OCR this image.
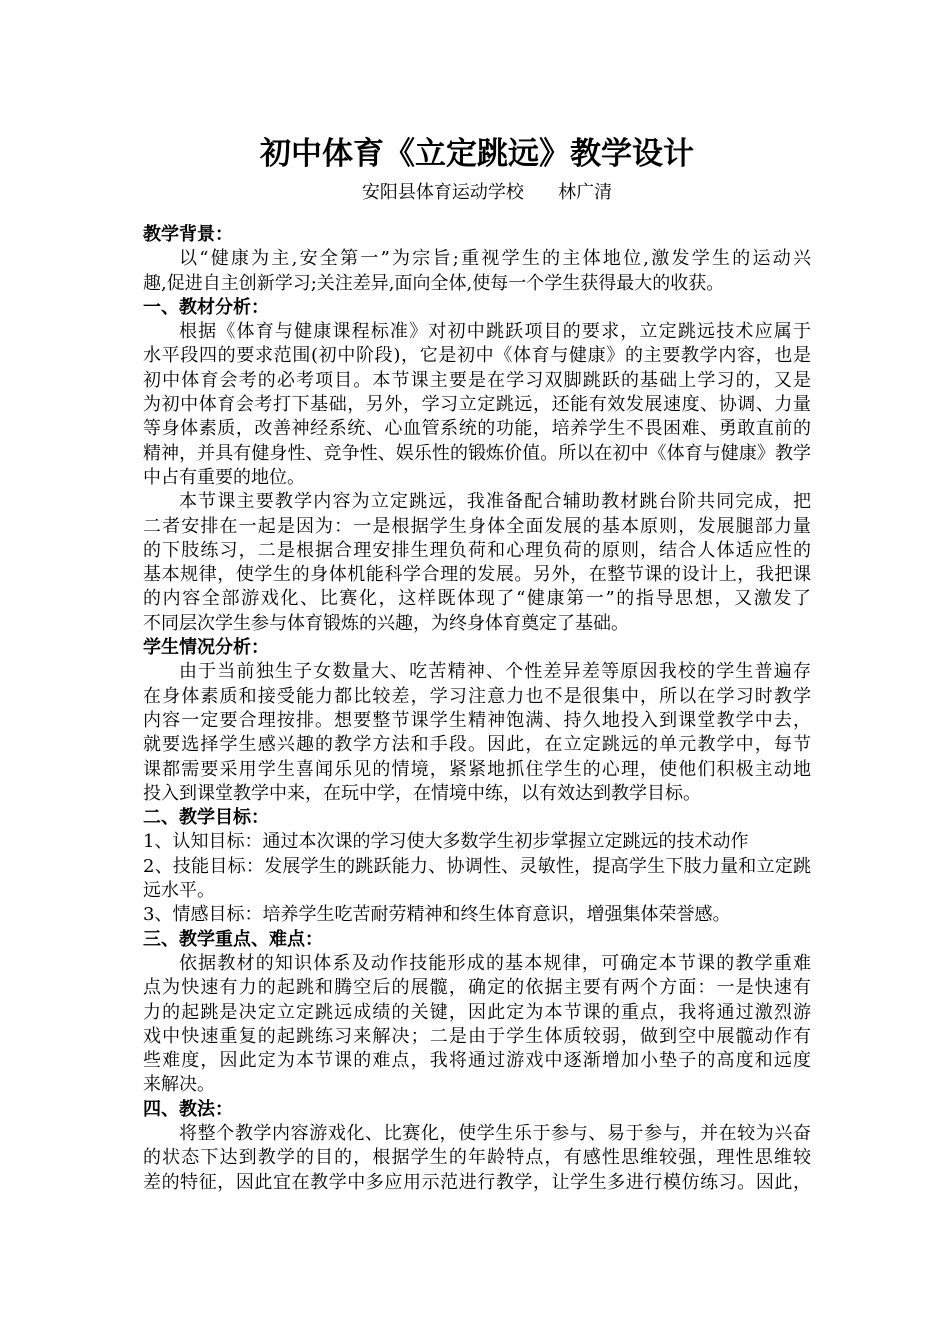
初中体育《立定跳远》教学设计
安阳县体育运动学校      林广清
教学背景：
以“健康为主,安全第一”为宗旨;重视学生的主体地位,激发学生的运动兴
趣,促进自主创新学习;关注差异,面向全体,使每一个学生获得最大的收获。
一、教材分析：
根据《体育与健康课程标准》对初中跳跃项目的要求，立定跳远技术应属于
水平段四的要求范围(初中阶段)，它是初中《体育与健康》的主要教学内容，也是
初中体育会考的必考项目。本节课主要是在学习双脚跳跃的基础上学习的，又是
为初中体育会考打下基础，另外，学习立定跳远，还能有效发展速度、协调、力量
等身体素质，改善神经系统、心血管系统的功能，培养学生不畏困难、勇敢直前的
精神，并具有健身性、竞争性、娱乐性的锻炼价值。所以在初中《体育与健康》教学
中占有重要的地位。
本节课主要教学内容为立定跳远，我准备配合辅助教材跳台阶共同完成，把
二者安排在一起是因为：一是根据学生身体全面发展的基本原则，发展腿部力量
的下肢练习，二是根据合理安排生理负荷和心理负荷的原则，结合人体适应性的
基本规律，使学生的身体机能科学合理的发展。另外，在整节课的设计上，我把课
的内容全部游戏化、比赛化，这样既体现了“健康第一”的指导思想，又激发了
不同层次学生参与体育锻炼的兴趣，为终身体育奠定了基础。
学生情况分析：
由于当前独生子女数量大、吃苦精神、个性差异差等原因我校的学生普遍存
在身体素质和接受能力都比较差，学习注意力也不是很集中，所以在学习时教学
内容一定要合理按排。想要整节课学生精神饱满、持久地投入到课堂教学中去，
就要选择学生感兴趣的教学方法和手段。因此，在立定跳远的单元教学中，每节
课都需要采用学生喜闻乐见的情境，紧紧地抓住学生的心理，使他们积极主动地
投入到课堂教学中来，在玩中学，在情境中练，以有效达到教学目标。
二、教学目标：
1、认知目标：通过本次课的学习使大多数学生初步掌握立定跳远的技术动作
2、技能目标：发展学生的跳跃能力、协调性、灵敏性，提高学生下肢力量和立定跳
远水平。
3、情感目标：培养学生吃苦耐劳精神和终生体育意识，增强集体荣誉感。
三、教学重点、难点：
依据教材的知识体系及动作技能形成的基本规律，可确定本节课的教学重难
点为快速有力的起跳和腾空后的展髋，确定的依据主要有两个方面：一是快速有
力的起跳是决定立定跳远成绩的关键，因此定为本节课的重点，我将通过激烈游
戏中快速重复的起跳练习来解决；二是由于学生体质较弱，做到空中展髋动作有
些难度，因此定为本节课的难点，我将通过游戏中逐渐增加小垫子的高度和远度
来解决。
四、教法：
将整个教学内容游戏化、比赛化，使学生乐于参与、易于参与，并在较为兴奋
的状态下达到教学的目的，根据学生的年龄特点，有感性思维较强，理性思维较
差的特征，因此宜在教学中多应用示范进行教学，让学生多进行模仿练习。因此，
